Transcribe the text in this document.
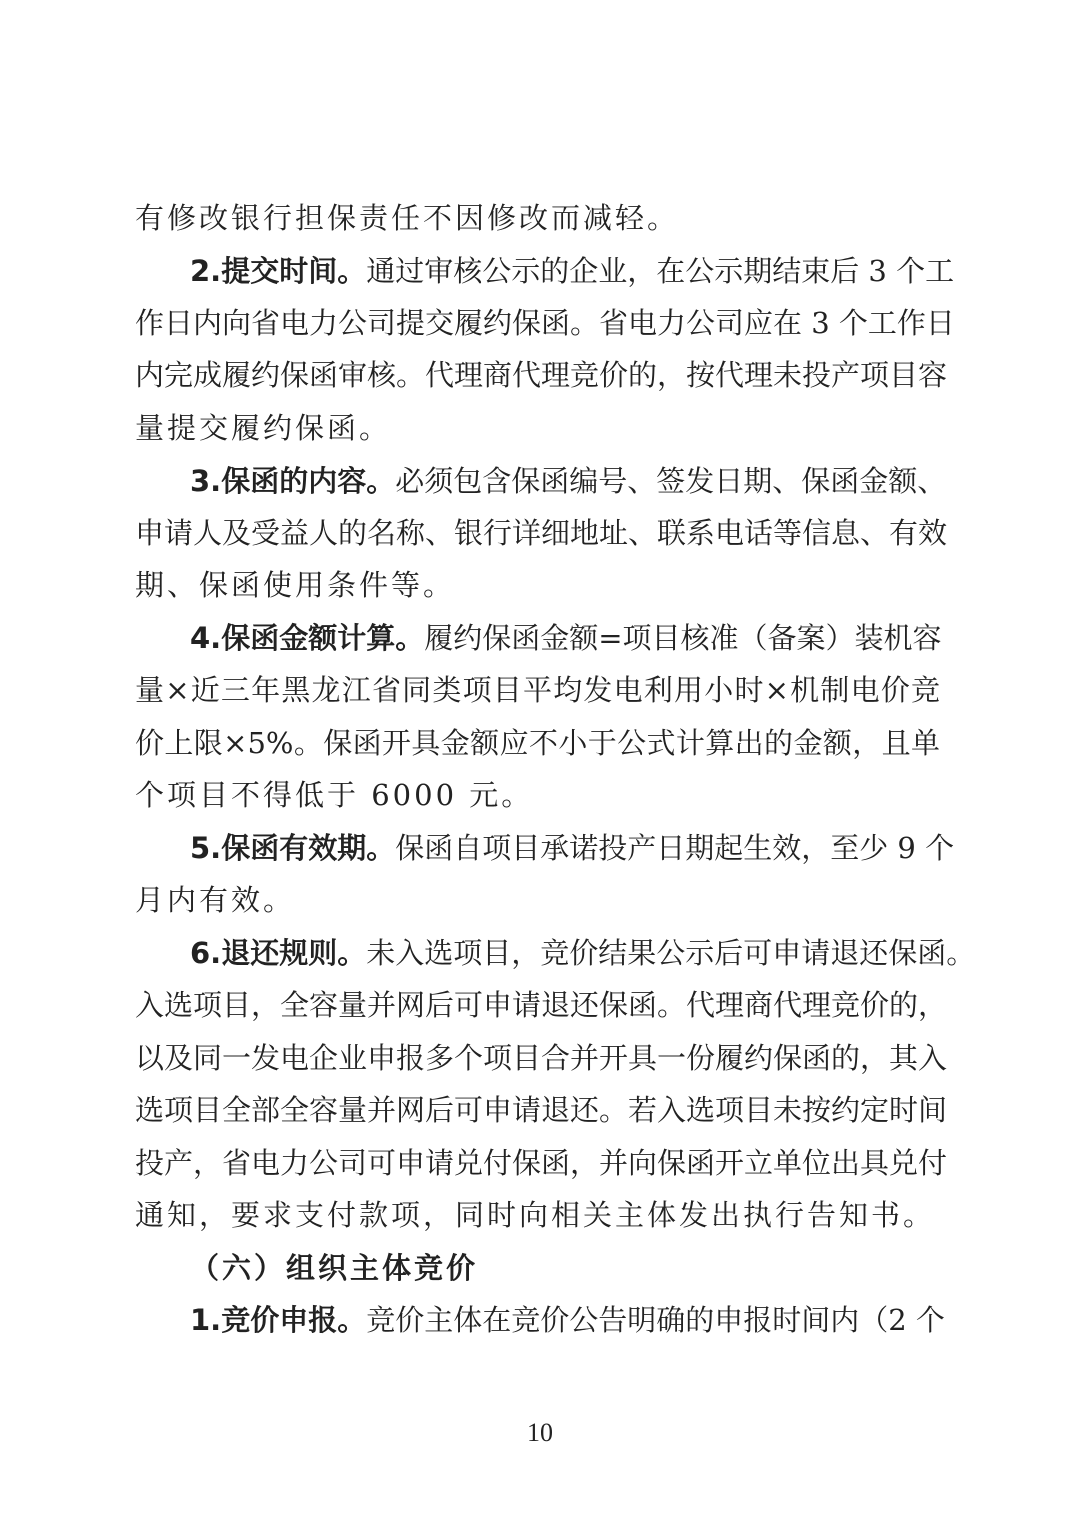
有修改银行担保责任不因修改而减轻。
2.提交时间。通过审核公示的企业，在公示期结束后 3 个工
作日内向省电力公司提交履约保函。省电力公司应在 3 个工作日
内完成履约保函审核。代理商代理竞价的，按代理未投产项目容
量提交履约保函。
3.保函的内容。必须包含保函编号、签发日期、保函金额、
申请人及受益人的名称、银行详细地址、联系电话等信息、有效
期、保函使用条件等。
4.保函金额计算。履约保函金额=项目核准（备案）装机容
量×近三年黑龙江省同类项目平均发电利用小时×机制电价竞
价上限×5%。保函开具金额应不小于公式计算出的金额，且单
个项目不得低于 6000 元。
5.保函有效期。保函自项目承诺投产日期起生效，至少 9 个
月内有效。
6.退还规则。未入选项目，竞价结果公示后可申请退还保函。
入选项目，全容量并网后可申请退还保函。代理商代理竞价的，
以及同一发电企业申报多个项目合并开具一份履约保函的，其入
选项目全部全容量并网后可申请退还。若入选项目未按约定时间
投产，省电力公司可申请兑付保函，并向保函开立单位出具兑付
通知，要求支付款项，同时向相关主体发出执行告知书。
（六）组织主体竞价
1.竞价申报。竞价主体在竞价公告明确的申报时间内（2 个
10
